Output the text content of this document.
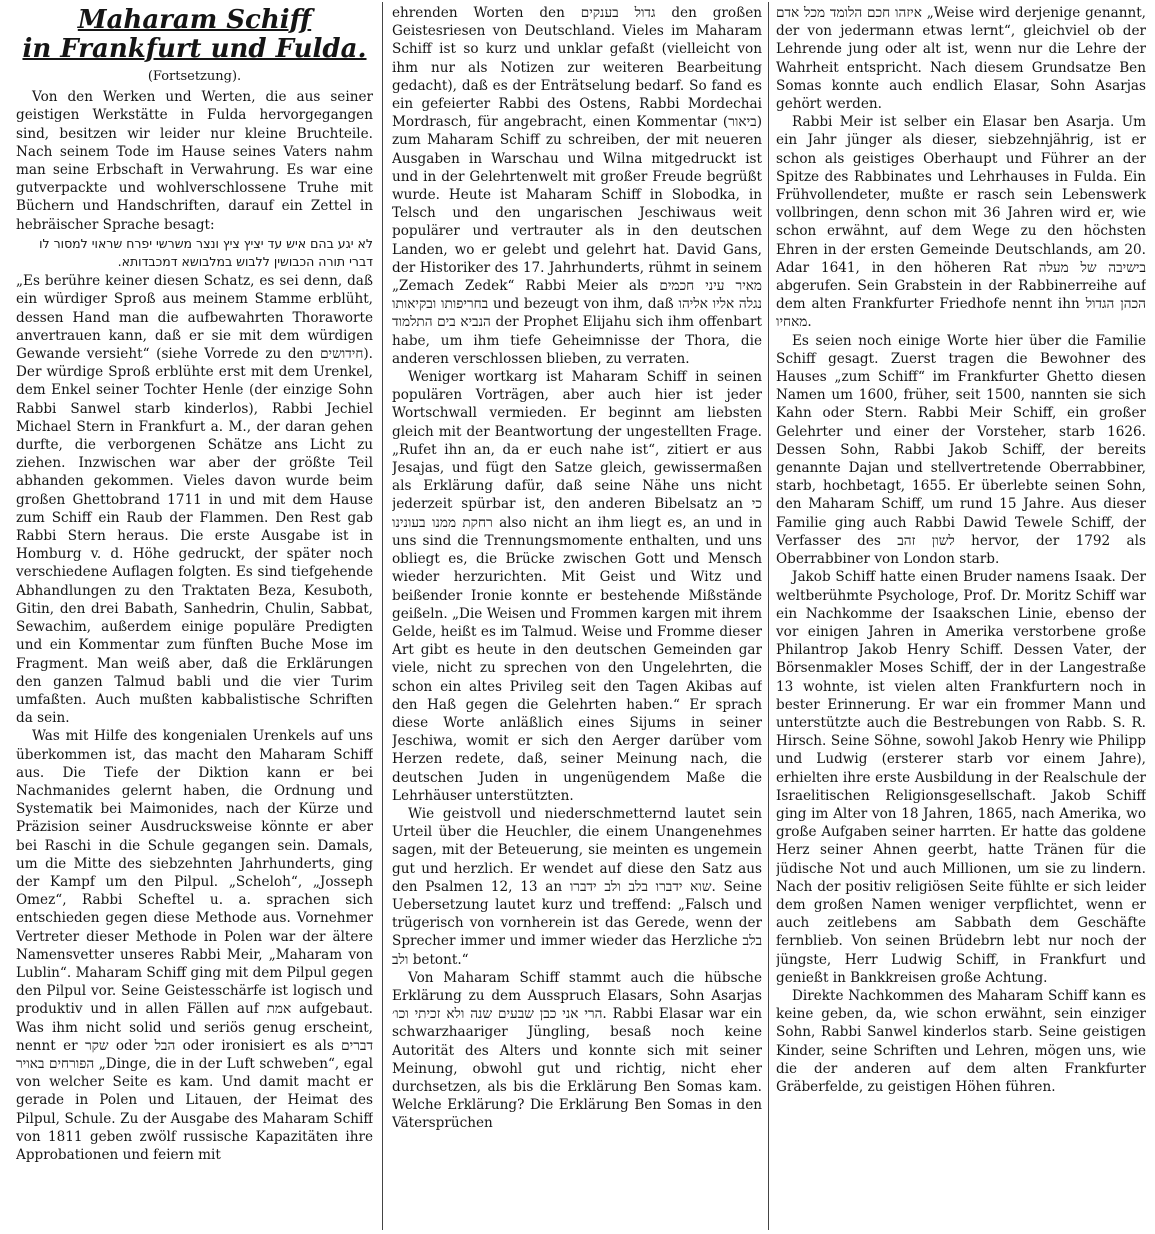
Maharam Schiff
in Frankfurt und Fulda.
(Fortsetzung).

Von den Werken und Werten, die aus seiner geistigen Werkstätte in Fulda hervorgegangen sind, besitzen wir leider nur kleine Bruchteile. Nach seinem Tode im Hause seines Vaters nahm man seine Erbschaft in Verwahrung. Es war eine gutverpackte und wohlverschlossene Truhe mit Büchern und Handschriften, darauf ein Zettel in hebräischer Sprache besagt:

לא יגע בהם איש עד יציץ ציץ ונצר משרשי יפרח שראוי למסור לו דברי תורה הכבושין ללבוש במלבושא דמכבדותא.

„Es berühre keiner diesen Schatz, es sei denn, daß ein würdiger Sproß aus meinem Stamme erblüht, dessen Hand man die aufbewahrten Thoraworte anvertrauen kann, daß er sie mit dem würdigen Gewande versieht“ (siehe Vorrede zu den ‎חידושים). Der würdige Sproß erblühte erst mit dem Urenkel, dem Enkel seiner Tochter Henle (der einzige Sohn Rabbi Sanwel starb kinderlos), Rabbi Jechiel Michael Stern in Frankfurt a. M., der daran gehen durfte, die verborgenen Schätze ans Licht zu ziehen. Inzwischen war aber der größte Teil abhanden gekommen. Vieles davon wurde beim großen Ghettobrand 1711 in und mit dem Hause zum Schiff ein Raub der Flammen. Den Rest gab Rabbi Stern heraus. Die erste Ausgabe ist in Homburg v. d. Höhe gedruckt, der später noch verschiedene Auflagen folgten. Es sind tiefgehende Abhandlungen zu den Traktaten Beza, Kesuboth, Gitin, den drei Babath, Sanhedrin, Chulin, Sabbat, Sewachim, außerdem einige populäre Predigten und ein Kommentar zum fünften Buche Mose im Fragment. Man weiß aber, daß die Erklärungen den ganzen Talmud babli und die vier Turim umfaßten. Auch mußten kabbalistische Schriften da sein.

Was mit Hilfe des kongenialen Urenkels auf uns überkommen ist, das macht den Maharam Schiff aus. Die Tiefe der Diktion kann er bei Nachmanides gelernt haben, die Ordnung und Systematik bei Maimonides, nach der Kürze und Präzision seiner Ausdrucksweise könnte er aber bei Raschi in die Schule gegangen sein. Damals, um die Mitte des siebzehnten Jahrhunderts, ging der Kampf um den Pilpul. „Scheloh“, „Josseph Omez“, Rabbi Scheftel u. a. sprachen sich entschieden gegen diese Methode aus. Vornehmer Vertreter dieser Methode in Polen war der ältere Namensvetter unseres Rabbi Meir, „Maharam von Lublin“. Maharam Schiff ging mit dem Pilpul gegen den Pilpul vor. Seine Geistesschärfe ist logisch und produktiv und in allen Fällen auf ‎אמת‎ aufgebaut. Was ihm nicht solid und seriös genug erscheint, nennt er ‎שקר‎ oder ‎הבל‎ oder ironisiert es als ‎דברים הפורחים באויר‎ „Dinge, die in der Luft schweben“, egal von welcher Seite es kam. Und damit macht er gerade in Polen und Litauen, der Heimat des Pilpul, Schule. Zu der Ausgabe des Maharam Schiff von 1811 geben zwölf russische Kapazitäten ihre Approbationen und feiern mit

ehrenden Worten den ‎גדול בענקים‎ den großen Geistesriesen von Deutschland. Vieles im Maharam Schiff ist so kurz und unklar gefaßt (vielleicht von ihm nur als Notizen zur weiteren Bearbeitung gedacht), daß es der Enträtselung bedarf. So fand es ein gefeierter Rabbi des Ostens, Rabbi Mordechai Mordrasch, für angebracht, einen Kommentar (‎ביאור‎) zum Maharam Schiff zu schreiben, der mit neueren Ausgaben in Warschau und Wilna mitgedruckt ist und in der Gelehrtenwelt mit großer Freude begrüßt wurde. Heute ist Maharam Schiff in Slobodka, in Telsch und den ungarischen Jeschiwaus weit populärer und vertrauter als in den deutschen Landen, wo er gelebt und gelehrt hat. David Gans, der Historiker des 17. Jahrhunderts, rühmt in seinem „Zemach Zedek“ Rabbi Meier als ‎מאיר עיני חכמים בחריפותו ובקיאותו‎ und bezeugt von ihm, daß ‎נגלה אליו אליהו הנביא בים התלמוד‎ der Prophet Elijahu sich ihm offenbart habe, um ihm tiefe Geheimnisse der Thora, die anderen verschlossen blieben, zu verraten.

Weniger wortkarg ist Maharam Schiff in seinen populären Vorträgen, aber auch hier ist jeder Wortschwall vermieden. Er beginnt am liebsten gleich mit der Beantwortung der ungestellten Frage. „Rufet ihn an, da er euch nahe ist“, zitiert er aus Jesajas, und fügt den Satze gleich, gewissermaßen als Erklärung dafür, daß seine Nähe uns nicht jederzeit spürbar ist, den anderen Bibelsatz an ‎כי רחקת ממנו בעונינו‎ also nicht an ihm liegt es, an und in uns sind die Trennungsmomente enthalten, und uns obliegt es, die Brücke zwischen Gott und Mensch wieder herzurichten. Mit Geist und Witz und beißender Ironie konnte er bestehende Mißstände geißeln. „Die Weisen und Frommen kargen mit ihrem Gelde, heißt es im Talmud. Weise und Fromme dieser Art gibt es heute in den deutschen Gemeinden gar viele, nicht zu sprechen von den Ungelehrten, die schon ein altes Privileg seit den Tagen Akibas auf den Haß gegen die Gelehrten haben.“ Er sprach diese Worte anläßlich eines Sijums in seiner Jeschiwa, womit er sich den Aerger darüber vom Herzen redete, daß, seiner Meinung nach, die deutschen Juden in ungenügendem Maße die Lehrhäuser unterstützten.

Wie geistvoll und niederschmetternd lautet sein Urteil über die Heuchler, die einem Unangenehmes sagen, mit der Beteuerung, sie meinten es ungemein gut und herzlich. Er wendet auf diese den Satz aus den Psalmen 12, 13 an ‎שוא ידברו בלב ולב ידברו‎. Seine Uebersetzung lautet kurz und treffend: „Falsch und trügerisch von vornherein ist das Gerede, wenn der Sprecher immer und immer wieder das Herzliche ‎בלב ולב‎ betont.“

Von Maharam Schiff stammt auch die hübsche Erklärung zu dem Ausspruch Elasars, Sohn Asarjas ‎הרי אני כבן שבעים שנה ולא זכיתי וכו׳‎. Rabbi Elasar war ein schwarzhaariger Jüngling, besaß noch keine Autorität des Alters und konnte sich mit seiner Meinung, obwohl gut und richtig, nicht eher durchsetzen, als bis die Erklärung Ben Somas kam. Welche Erklärung? Die Erklärung Ben Somas in den Vätersprüchen

‎איזהו חכם הלומד מכל אדם‎ „Weise wird derjenige genannt, der von jedermann etwas lernt“, gleichviel ob der Lehrende jung oder alt ist, wenn nur die Lehre der Wahrheit entspricht. Nach diesem Grundsatze Ben Somas konnte auch endlich Elasar, Sohn Asarjas gehört werden.

Rabbi Meir ist selber ein Elasar ben Asarja. Um ein Jahr jünger als dieser, siebzehnjährig, ist er schon als geistiges Oberhaupt und Führer an der Spitze des Rabbinates und Lehrhauses in Fulda. Ein Frühvollendeter, mußte er rasch sein Lebenswerk vollbringen, denn schon mit 36 Jahren wird er, wie schon erwähnt, auf dem Wege zu den höchsten Ehren in der ersten Gemeinde Deutschlands, am 20. Adar 1641, in den höheren Rat ‎בישיבה של מעלה‎ abgerufen. Sein Grabstein in der Rabbinerreihe auf dem alten Frankfurter Friedhofe nennt ihn ‎הכהן הגדול מאחיו‎.

Es seien noch einige Worte hier über die Familie Schiff gesagt. Zuerst tragen die Bewohner des Hauses „zum Schiff“ im Frankfurter Ghetto diesen Namen um 1600, früher, seit 1500, nannten sie sich Kahn oder Stern. Rabbi Meir Schiff, ein großer Gelehrter und einer der Vorsteher, starb 1626. Dessen Sohn, Rabbi Jakob Schiff, der bereits genannte Dajan und stellvertretende Oberrabbiner, starb, hochbetagt, 1655. Er überlebte seinen Sohn, den Maharam Schiff, um rund 15 Jahre. Aus dieser Familie ging auch Rabbi Dawid Tewele Schiff, der Verfasser des ‎לשון זהב‎ hervor, der 1792 als Oberrabbiner von London starb.

Jakob Schiff hatte einen Bruder namens Isaak. Der weltberühmte Psychologe, Prof. Dr. Moritz Schiff war ein Nachkomme der Isaakschen Linie, ebenso der vor einigen Jahren in Amerika verstorbene große Philantrop Jakob Henry Schiff. Dessen Vater, der Börsenmakler Moses Schiff, der in der Langestraße 13 wohnte, ist vielen alten Frankfurtern noch in bester Erinnerung. Er war ein frommer Mann und unterstützte auch die Bestrebungen von Rabb. S. R. Hirsch. Seine Söhne, sowohl Jakob Henry wie Philipp und Ludwig (ersterer starb vor einem Jahre), erhielten ihre erste Ausbildung in der Realschule der Israelitischen Religionsgesellschaft. Jakob Schiff ging im Alter von 18 Jahren, 1865, nach Amerika, wo große Aufgaben seiner harrten. Er hatte das goldene Herz seiner Ahnen geerbt, hatte Tränen für die jüdische Not und auch Millionen, um sie zu lindern. Nach der positiv religiösen Seite fühlte er sich leider dem großen Namen weniger verpflichtet, wenn er auch zeitlebens am Sabbath dem Geschäfte fernblieb. Von seinen Brüdebrn lebt nur noch der jüngste, Herr Ludwig Schiff, in Frankfurt und genießt in Bankkreisen große Achtung.

Direkte Nachkommen des Maharam Schiff kann es keine geben, da, wie schon erwähnt, sein einziger Sohn, Rabbi Sanwel kinderlos starb. Seine geistigen Kinder, seine Schriften und Lehren, mögen uns, wie die der anderen auf dem alten Frankfurter Gräberfelde, zu geistigen Höhen führen.
